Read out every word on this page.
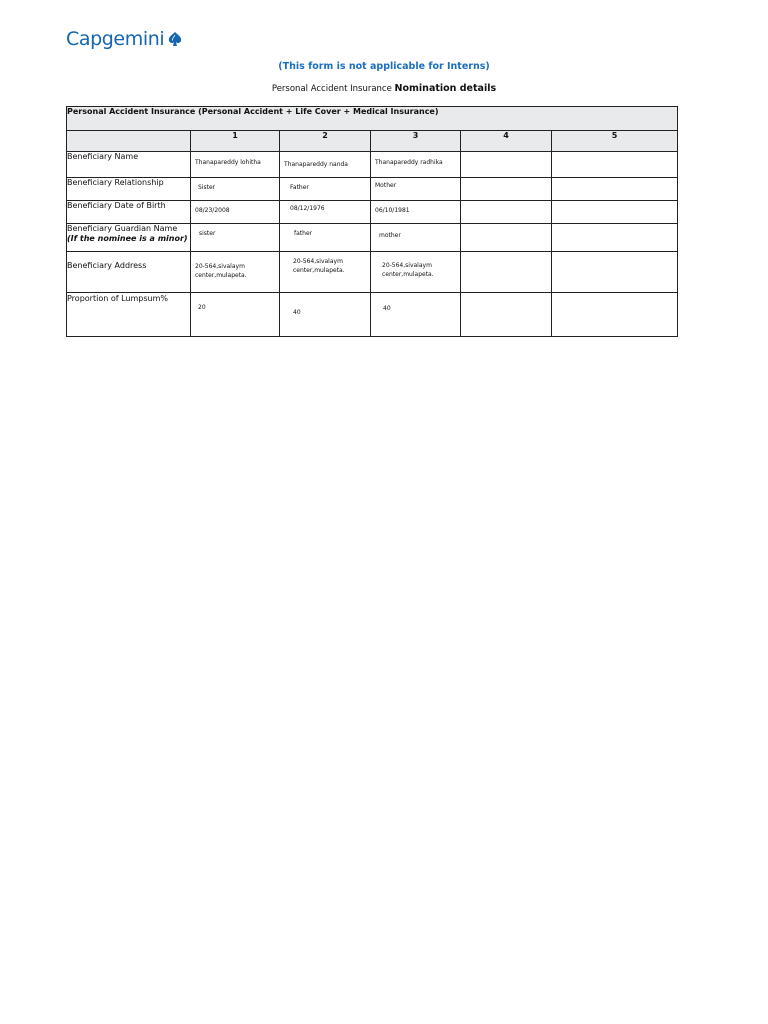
Capgemini
(This form is not applicable for Interns)
Personal Accident Insurance Nomination details
Personal Accident Insurance (Personal Accident + Life Cover + Medical Insurance)					
	1	2	3	4	5
Beneficiary Name	Thanapareddy lohitha	Thanapareddy nanda	Thanapareddy radhika		

Beneficiary Relationship	Sister	Father	Mother		

Beneficiary Date of Birth	08/23/2008	08/12/1976	06/10/1981		

Beneficiary Guardian Name
(If the nominee is a minor)	sister	father	mother		

Beneficiary Address	20-564,sivalaym center,mulapeta.	20-564,sivalaym center,mulapeta.	20-564,sivalaym center,mulapeta.		

Proportion of Lumpsum%	20	40	40		
